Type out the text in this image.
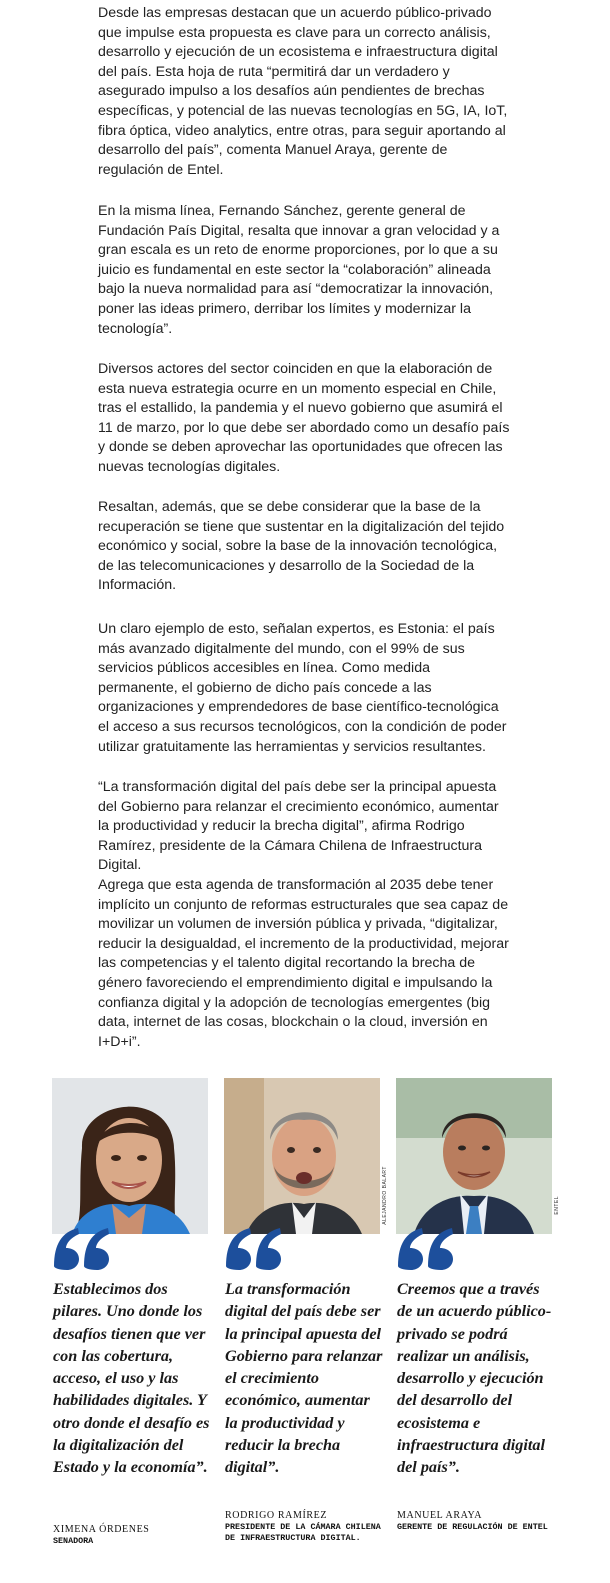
Desde las empresas destacan que un acuerdo público-privado que impulse esta propuesta es clave para un correcto análisis, desarrollo y ejecución de un ecosistema e infraestructura digital del país. Esta hoja de ruta “permitirá dar un verdadero y asegurado impulso a los desafíos aún pendientes de brechas específicas, y potencial de las nuevas tecnologías en 5G, IA, IoT, fibra óptica, video analytics, entre otras, para seguir aportando al desarrollo del país”, comenta Manuel Araya, gerente de regulación de Entel.

En la misma línea, Fernando Sánchez, gerente general de Fundación País Digital, resalta que innovar a gran velocidad y a gran escala es un reto de enorme proporciones, por lo que a su juicio es fundamental en este sector la “colaboración” alineada bajo la nueva normalidad para así “democratizar la innovación, poner las ideas primero, derribar los límites y modernizar la tecnología”.

Diversos actores del sector coinciden en que la elaboración de esta nueva estrategia ocurre en un momento especial en Chile, tras el estallido, la pandemia y el nuevo gobierno que asumirá el 11 de marzo, por lo que debe ser abordado como un desafío país y donde se deben aprovechar las oportunidades que ofrecen las nuevas tecnologías digitales.

Resaltan, además, que se debe considerar que la base de la recuperación se tiene que sustentar en la digitalización del tejido económico y social, sobre la base de la innovación tecnológica, de las telecomunicaciones y desarrollo de la Sociedad de la Información.

Un claro ejemplo de esto, señalan expertos, es Estonia: el país más avanzado digitalmente del mundo, con el 99% de sus servicios públicos accesibles en línea. Como medida permanente, el gobierno de dicho país concede a las organizaciones y emprendedores de base científico-tecnológica el acceso a sus recursos tecnológicos, con la condición de poder utilizar gratuitamente las herramientas y servicios resultantes.

“La transformación digital del país debe ser la principal apuesta del Gobierno para relanzar el crecimiento económico, aumentar la productividad y reducir la brecha digital”, afirma Rodrigo Ramírez, presidente de la Cámara Chilena de Infraestructura Digital.

Agrega que esta agenda de transformación al 2035 debe tener implícito un conjunto de reformas estructurales que sea capaz de movilizar un volumen de inversión pública y privada, “digitalizar, reducir la desigualdad, el incremento de la productividad, mejorar las competencias y el talento digital recortando la brecha de género favoreciendo el emprendimiento digital e impulsando la confianza digital y la adopción de tecnologías emergentes (big data, internet de las cosas, blockchain o la cloud, inversión en I+D+i”.

Establecimos dos pilares. Uno donde los desafíos tienen que ver con las cobertura, acceso, el uso y las habilidades digitales. Y otro donde el desafío es la digitalización del Estado y la economía”.

XIMENA ÓRDENES
SENADORA
ALEJANDRO BALART

La transformación digital del país debe ser la principal apuesta del Gobierno para relanzar el crecimiento económico, aumentar la productividad y reducir la brecha digital”.

RODRIGO RAMÍREZ
PRESIDENTE DE LA CÁMARA CHILENA DE INFRAESTRUCTURA DIGITAL.
ENTEL

Creemos que a través de un acuerdo público-privado se podrá realizar un análisis, desarrollo y ejecución del desarrollo del ecosistema e infraestructura digital del país”.

MANUEL ARAYA
GERENTE DE REGULACIÓN DE ENTEL
